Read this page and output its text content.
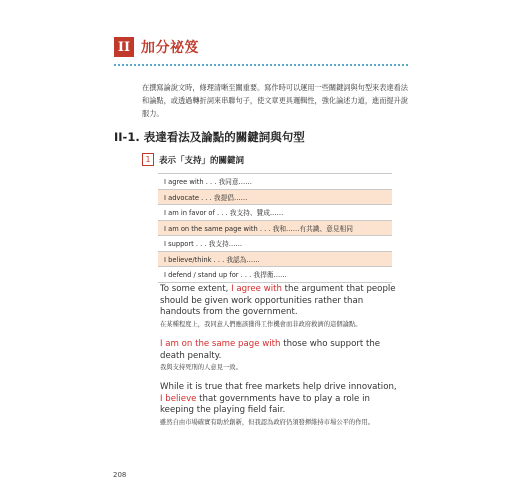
II 加分祕笈

在撰寫論說文時，條理清晰至關重要。寫作時可以運用一些關鍵詞與句型來表達看法和論點，或透過轉折詞來串聯句子，使文章更具邏輯性，強化論述力道，進而提升說服力。

II-1. 表達看法及論點的關鍵詞與句型
1	表示「支持」的關鍵詞
I agree with . . . 我同意……
I advocate . . . 我提倡……
I am in favor of . . . 我支持、贊成……
I am on the same page with . . . 我和……有共識、意見相同
I support . . . 我支持……
I believe/think . . . 我認為……
I defend / stand up for . . . 我捍衛……

To some extent, I agree with the argument that people should be given work opportunities rather than handouts from the government.

在某種程度上，我同意人們應該獲得工作機會而非政府救濟的這個論點。

I am on the same page with those who support the death penalty.

我與支持死刑的人意見一致。

While it is true that free markets help drive innovation, I believe that governments have to play a role in keeping the playing field fair.

雖然自由市場確實有助於創新，但我認為政府仍須發揮維持市場公平的作用。

208
